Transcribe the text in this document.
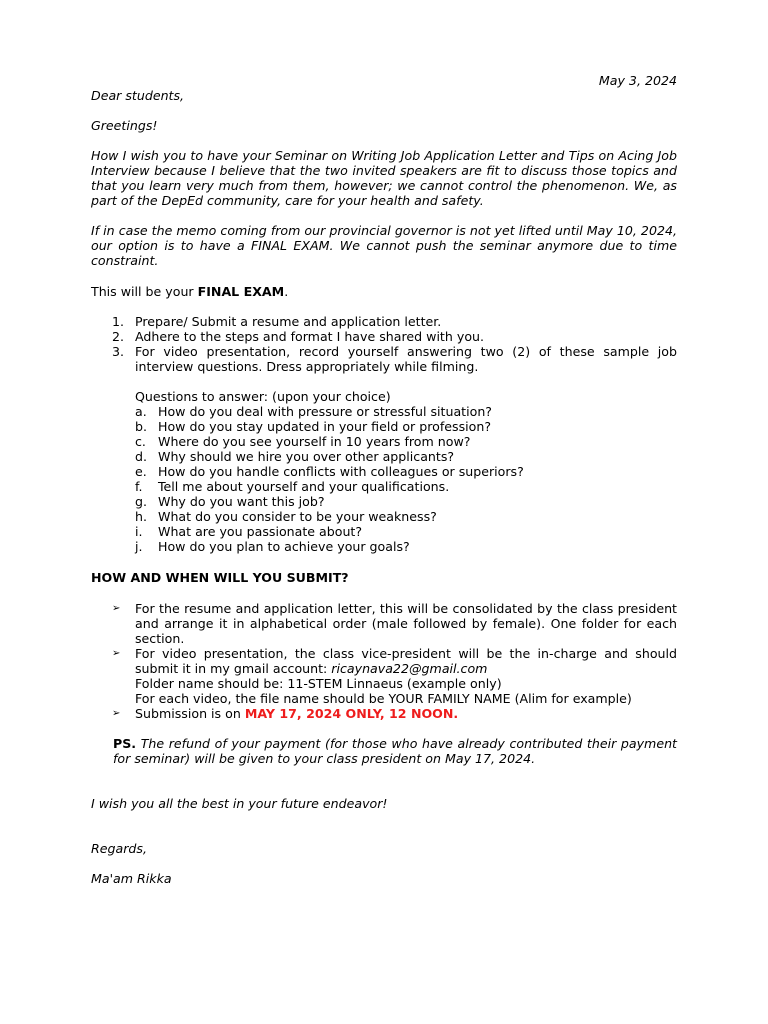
May 3, 2024
Dear students,
Greetings!
How I wish you to have your Seminar on Writing Job Application Letter and Tips on Acing Job Interview because I believe that the two invited speakers are fit to discuss those topics and that you learn very much from them, however; we cannot control the phenomenon. We, as part of the DepEd community, care for your health and safety.
If in case the memo coming from our provincial governor is not yet lifted until May 10, 2024, our option is to have a FINAL EXAM. We cannot push the seminar anymore due to time constraint.
This will be your FINAL EXAM.
1. Prepare/ Submit a resume and application letter.
2. Adhere to the steps and format I have shared with you.
3. For video presentation, record yourself answering two (2) of these sample job interview questions. Dress appropriately while filming.
Questions to answer: (upon your choice)
a. How do you deal with pressure or stressful situation?
b. How do you stay updated in your field or profession?
c. Where do you see yourself in 10 years from now?
d. Why should we hire you over other applicants?
e. How do you handle conflicts with colleagues or superiors?
f. Tell me about yourself and your qualifications.
g. Why do you want this job?
h. What do you consider to be your weakness?
i. What are you passionate about?
j. How do you plan to achieve your goals?
HOW AND WHEN WILL YOU SUBMIT?
➢ For the resume and application letter, this will be consolidated by the class president and arrange it in alphabetical order (male followed by female). One folder for each section.
➢ For video presentation, the class vice-president will be the in-charge and should submit it in my gmail account: ricaynava22@gmail.com
Folder name should be: 11-STEM Linnaeus (example only)
For each video, the file name should be YOUR FAMILY NAME (Alim for example)
➢ Submission is on MAY 17, 2024 ONLY, 12 NOON.
PS. The refund of your payment (for those who have already contributed their payment for seminar) will be given to your class president on May 17, 2024.
I wish you all the best in your future endeavor!
Regards,
Ma'am Rikka
